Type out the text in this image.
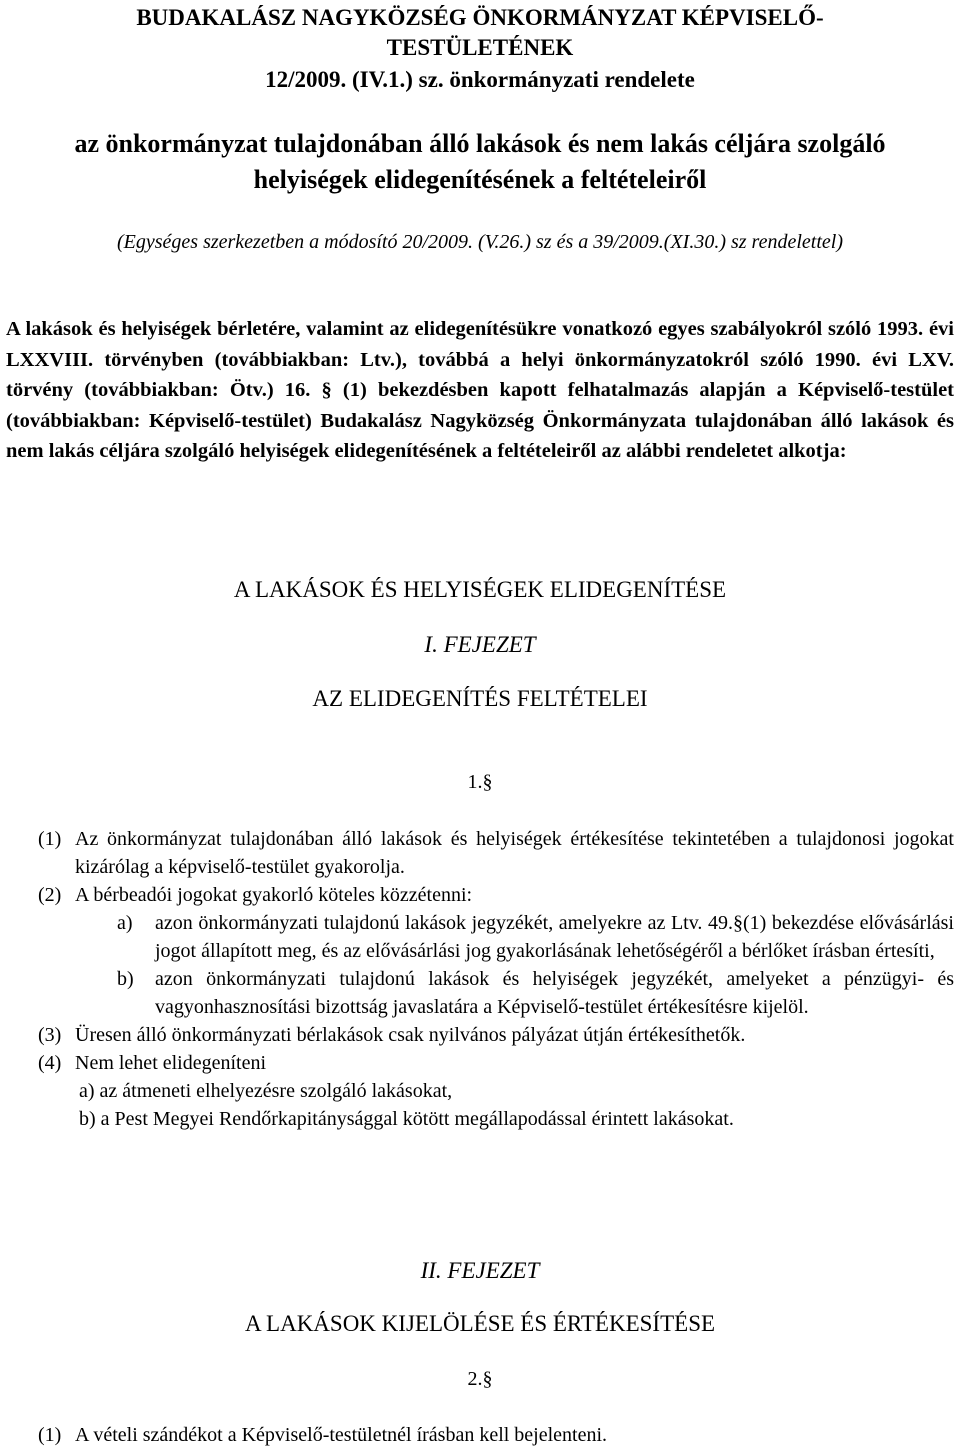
BUDAKALÁSZ NAGYKÖZSÉG ÖNKORMÁNYZAT KÉPVISELŐ-

TESTÜLETÉNEK

12/2009. (IV.1.) sz. önkormányzati rendelete

az önkormányzat tulajdonában álló lakások és nem lakás céljára szolgáló

helyiségek elidegenítésének a feltételeiről

(Egységes szerkezetben a módosító 20/2009. (V.26.) sz és a 39/2009.(XI.30.) sz rendelettel)

A lakások és helyiségek bérletére, valamint az elidegenítésükre vonatkozó egyes szabályokról szóló 1993. évi LXXVIII. törvényben (továbbiakban: Ltv.), továbbá a helyi önkormányzatokról szóló 1990. évi LXV. törvény (továbbiakban: Ötv.) 16. § (1) bekezdésben kapott felhatalmazás alapján a Képviselő-testület (továbbiakban: Képviselő-testület) Budakalász Nagyközség Önkormányzata tulajdonában álló lakások és nem lakás céljára szolgáló helyiségek elidegenítésének a feltételeiről az alábbi rendeletet alkotja:

A LAKÁSOK ÉS HELYISÉGEK ELIDEGENÍTÉSE
I. FEJEZET
AZ ELIDEGENÍTÉS FELTÉTELEI
1.§
(1) Az önkormányzat tulajdonában álló lakások és helyiségek értékesítése tekintetében a tulajdonosi jogokat kizárólag a képviselő-testület gyakorolja.
(2) A bérbeadói jogokat gyakorló köteles közzétenni:
a) azon önkormányzati tulajdonú lakások jegyzékét, amelyekre az Ltv. 49.§(1) bekezdése elővásárlási jogot állapított meg, és az elővásárlási jog gyakorlásának lehetőségéről a bérlőket írásban értesíti,
b) azon önkormányzati tulajdonú lakások és helyiségek jegyzékét, amelyeket a pénzügyi- és vagyonhasznosítási bizottság javaslatára a Képviselő-testület értékesítésre kijelöl.
(3) Üresen álló önkormányzati bérlakások csak nyilvános pályázat útján értékesíthetők.
(4) Nem lehet elidegeníteni
a) az átmeneti elhelyezésre szolgáló lakásokat,
b) a Pest Megyei Rendőrkapitánysággal kötött megállapodással érintett lakásokat.
II. FEJEZET
A LAKÁSOK KIJELÖLÉSE ÉS ÉRTÉKESÍTÉSE
2.§
(1) A vételi szándékot a Képviselő-testületnél írásban kell bejelenteni.
